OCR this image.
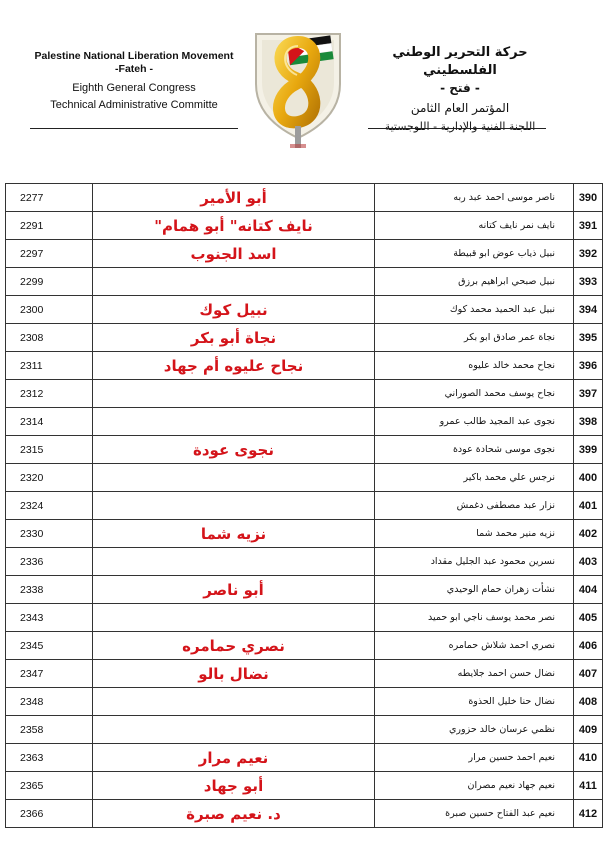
Palestine National Liberation Movement
-Fateh -
Eighth General Congress
Technical Administrative Committe
حركة التحرير الوطني الفلسطيني
- فتح -
المؤتمر العام الثامن
اللجنة الفنية والإدارية - اللوجستية
2277	أبو الأمير	ناصر موسى احمد عبد ربه	390
2291	نايف كتانه" أبو همام"	نايف نمر نايف كتانه	391
2297	اسد الجنوب	نبيل ذياب عوض ابو قبيطة	392
2299		نبيل صبحي ابراهيم برزق	393
2300	نبيل كوك	نبيل عبد الحميد محمد كوك	394
2308	نجاة أبو بكر	نجاة عمر صادق ابو بكر	395
2311	نجاح عليوه أم جهاد	نجاح محمد خالد عليوه	396
2312		نجاح يوسف محمد الصوراني	397
2314		نجوى عبد المجيد طالب عمرو	398
2315	نجوى عودة	نجوى موسى شحادة عودة	399
2320		نرجس علي محمد باكير	400
2324		نزار عبد مصطفى دغمش	401
2330	نزيه شما	نزيه منير محمد شما	402
2336		نسرين محمود عبد الجليل مقداد	403
2338	أبو ناصر	نشأت زهران حمام الوحيدي	404
2343		نصر محمد يوسف ناجي ابو حميد	405
2345	نصري حمامره	نصري احمد شلاش حمامره	406
2347	نضال بالو	نضال حسن احمد جلايطه	407
2348		نضال حنا خليل الحذوة	408
2358		نظمي عرسان خالد حزوري	409
2363	نعيم مرار	نعيم احمد حسين مرار	410
2365	أبو جهاد	نعيم جهاد نعيم مصران	411
2366	د. نعيم صبرة	نعيم عبد الفتاح حسين صبرة	412
